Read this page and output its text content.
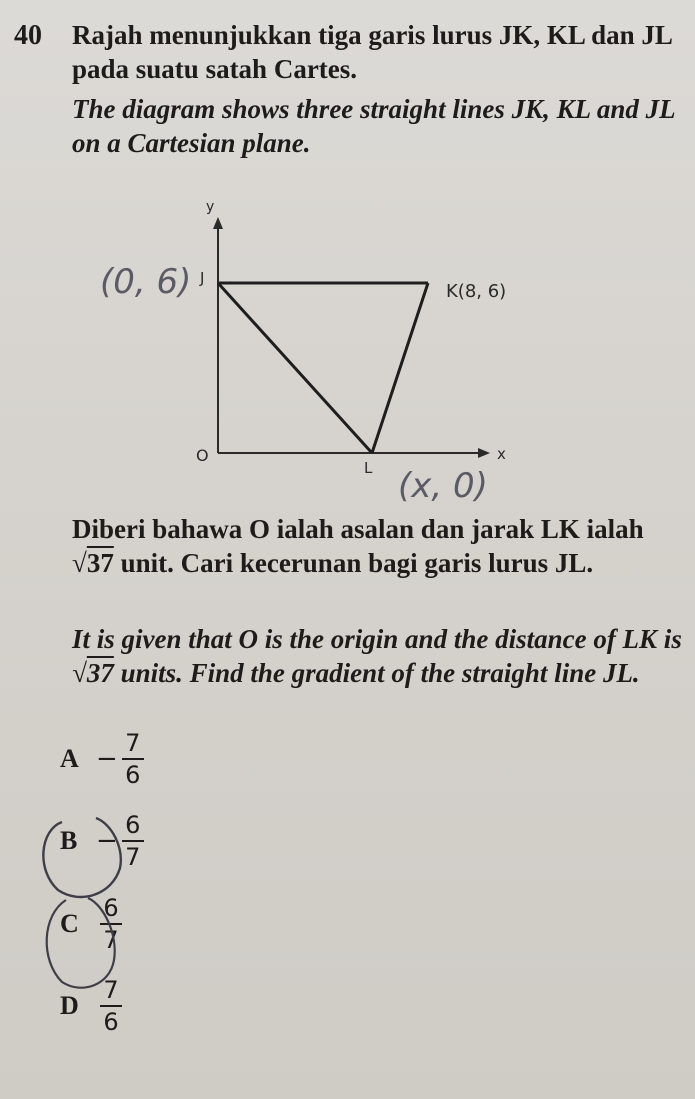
40 Rajah menunjukkan tiga garis lurus JK, KL dan JL pada suatu satah Cartes.
The diagram shows three straight lines JK, KL and JL on a Cartesian plane.
y
x
O
J
K(8, 6)
L
(0, 6)
(x, 0)
Diberi bahawa O ialah asalan dan jarak LK ialah √37 unit. Cari kecerunan bagi garis lurus JL.
It is given that O is the origin and the distance of LK is √37 units. Find the gradient of the straight line JL.
$A - \frac{7}{6}$
$B - \frac{6}{7}$
C $\frac{6}{7}$
D $\frac{7}{6}$
